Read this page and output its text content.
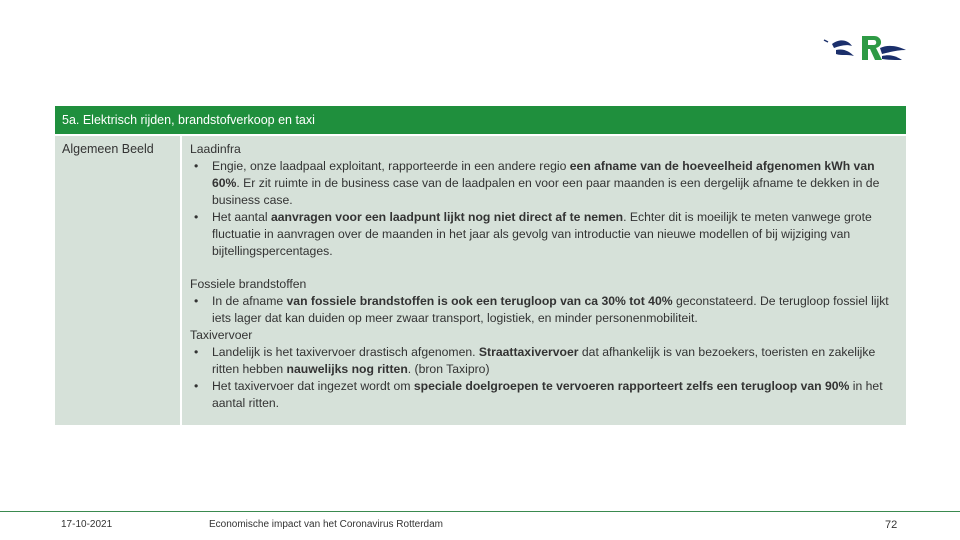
5a. Elektrisch rijden, brandstofverkoop en taxi
Algemeen Beeld	Laadinfra
• Engie, onze laadpaal exploitant, rapporteerde in een andere regio een afname van de hoeveelheid afgenomen kWh van 60%. Er zit ruimte in de business case van de laadpalen en voor een paar maanden is een dergelijk afname te dekken in de business case.
• Het aantal aanvragen voor een laadpunt lijkt nog niet direct af te nemen. Echter dit is moeilijk te meten vanwege grote fluctuatie in aanvragen over de maanden in het jaar als gevolg van introductie van nieuwe modellen of bij wijziging van bijtellingspercentages.
Fossiele brandstoffen
• In de afname van fossiele brandstoffen is ook een terugloop van ca 30% tot 40% geconstateerd. De terugloop fossiel lijkt iets lager dat kan duiden op meer zwaar transport, logistiek, en minder personenmobiliteit.
Taxivervoer
• Landelijk is het taxivervoer drastisch afgenomen. Straattaxivervoer dat afhankelijk is van bezoekers, toeristen en zakelijke ritten hebben nauwelijks nog ritten. (bron Taxipro)
• Het taxivervoer dat ingezet wordt om speciale doelgroepen te vervoeren rapporteert zelfs een terugloop van 90% in het aantal ritten.
17-10-2021	Economische impact van het Coronavirus Rotterdam	72
